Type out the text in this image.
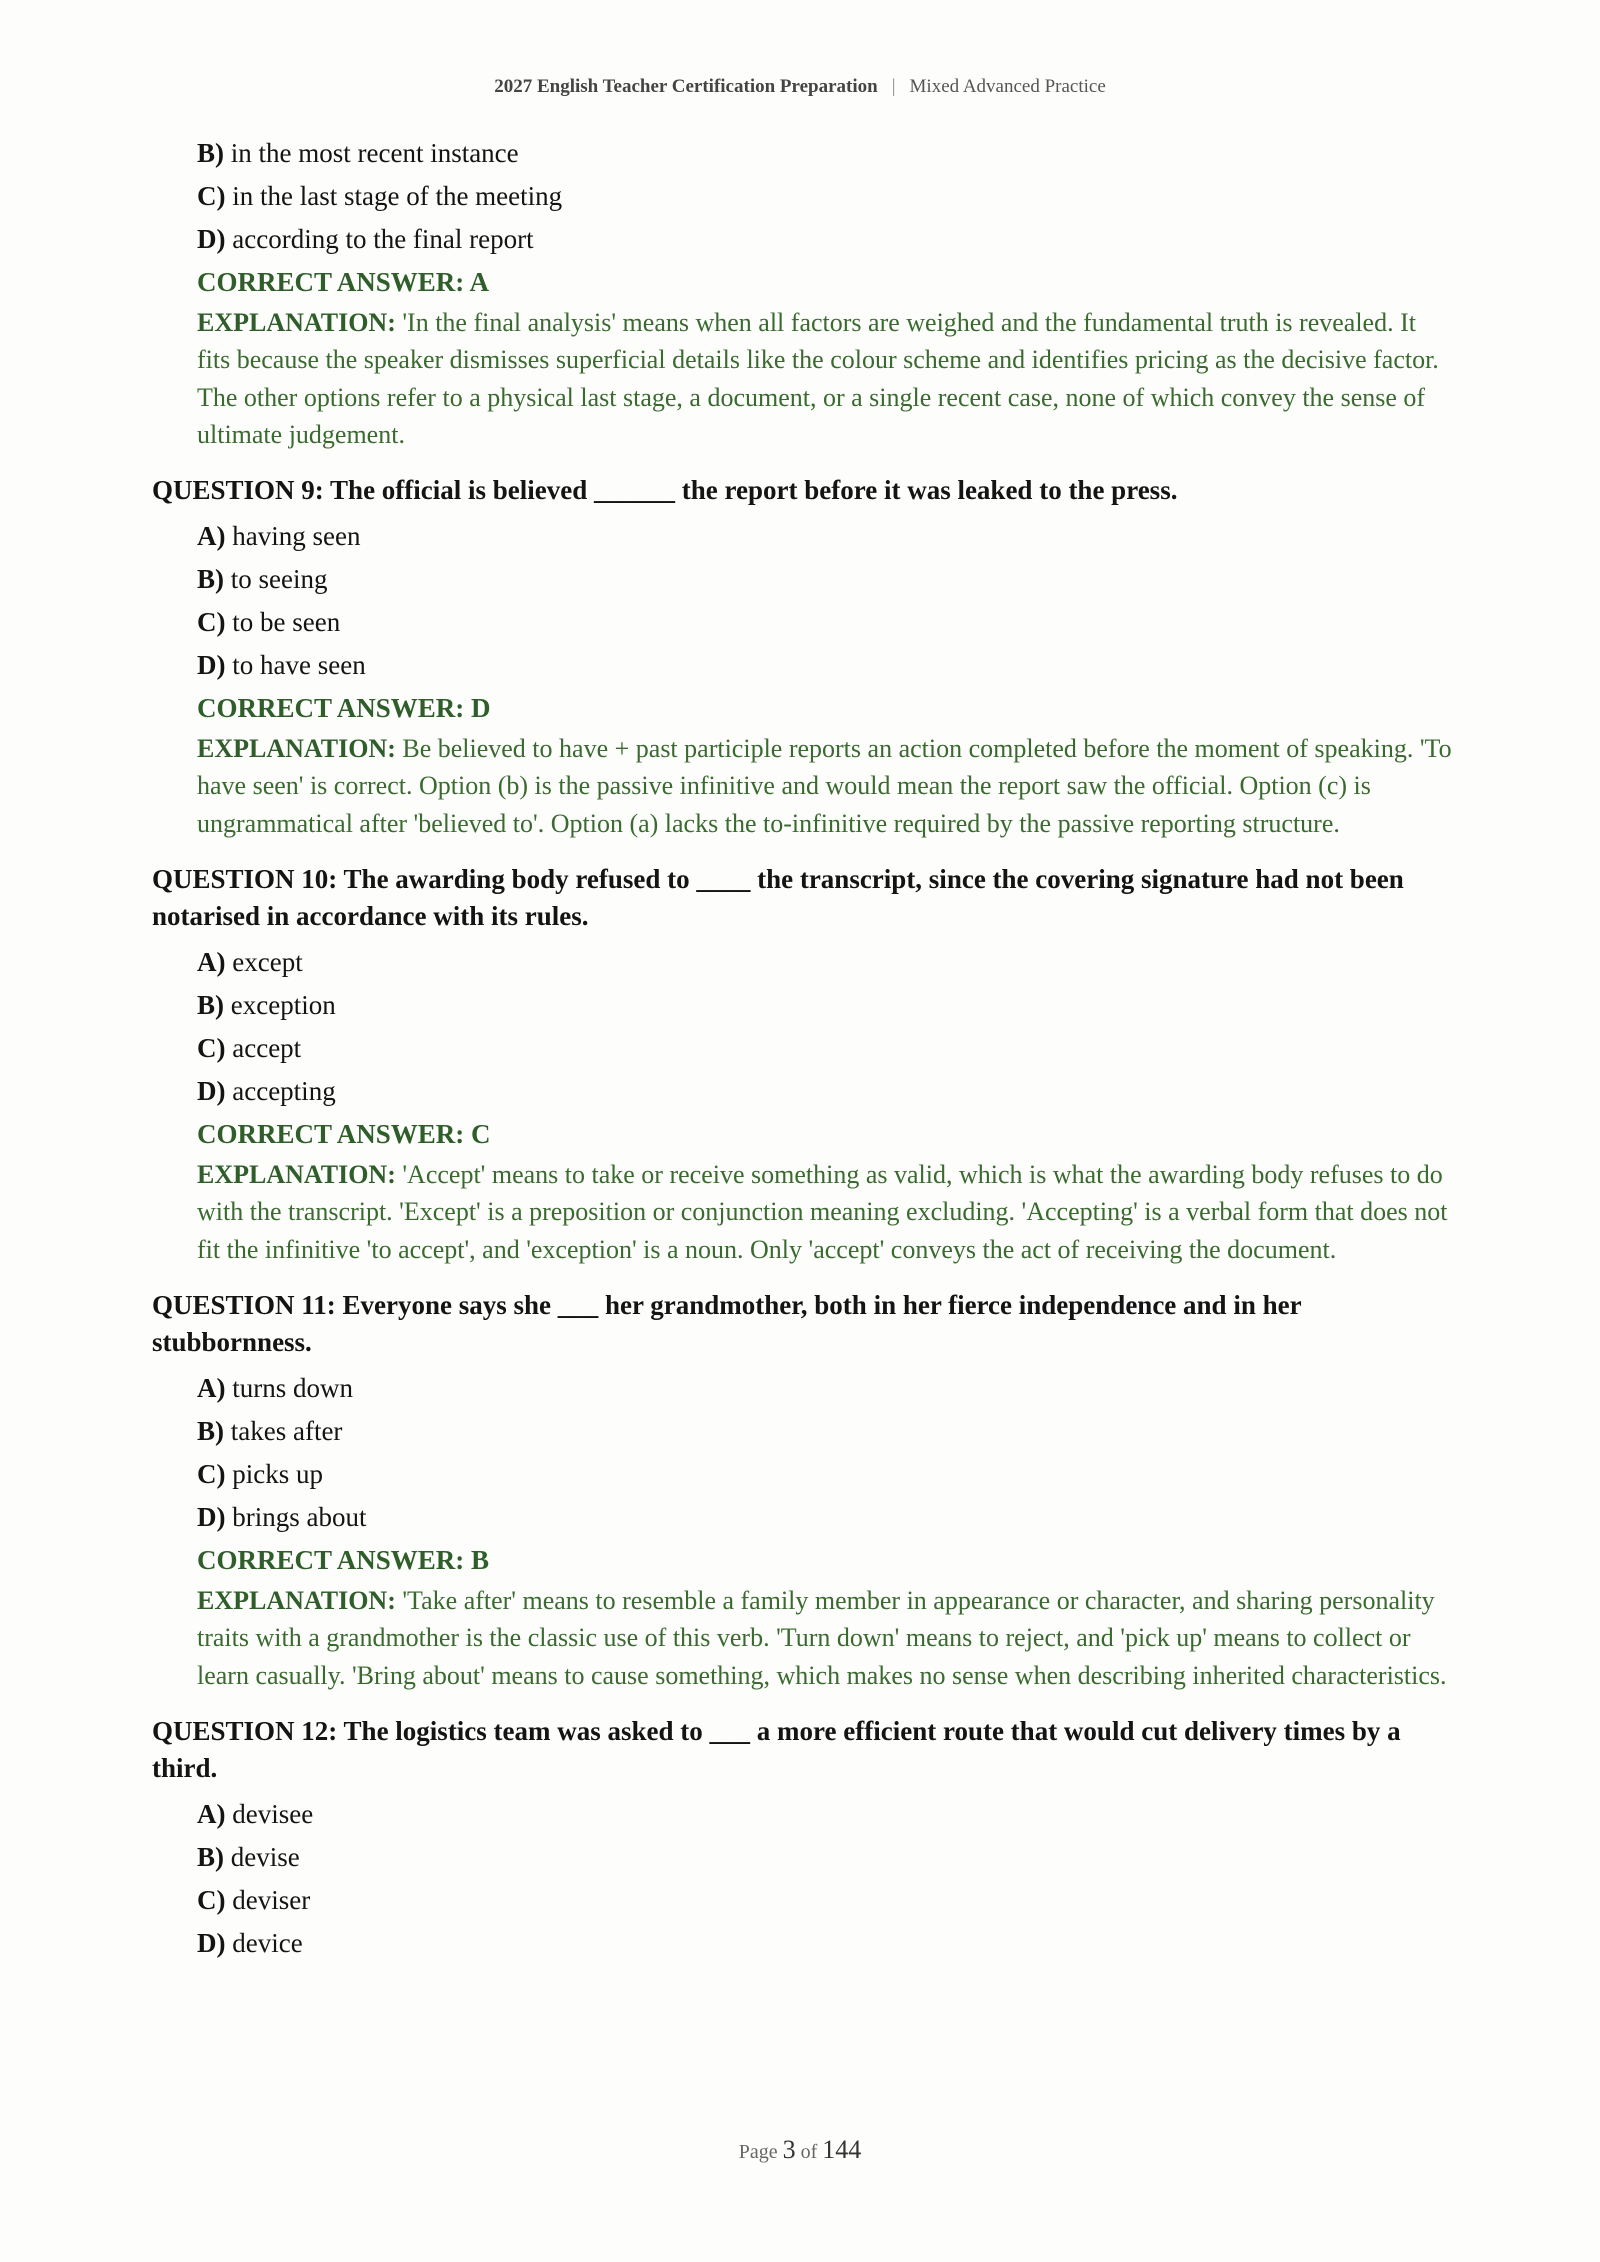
2027 English Teacher Certification Preparation | Mixed Advanced Practice
B) in the most recent instance
C) in the last stage of the meeting
D) according to the final report
CORRECT ANSWER: A

EXPLANATION: 'In the final analysis' means when all factors are weighed and the fundamental truth is revealed. It fits because the speaker dismisses superficial details like the colour scheme and identifies pricing as the decisive factor. The other options refer to a physical last stage, a document, or a single recent case, none of which convey the sense of ultimate judgement.

QUESTION 9: The official is believed ______ the report before it was leaked to the press.
A) having seen
B) to seeing
C) to be seen
D) to have seen
CORRECT ANSWER: D

EXPLANATION: Be believed to have + past participle reports an action completed before the moment of speaking. 'To have seen' is correct. Option (b) is the passive infinitive and would mean the report saw the official. Option (c) is ungrammatical after 'believed to'. Option (a) lacks the to-infinitive required by the passive reporting structure.

QUESTION 10: The awarding body refused to ____ the transcript, since the covering signature had not been notarised in accordance with its rules.
A) except
B) exception
C) accept
D) accepting
CORRECT ANSWER: C

EXPLANATION: 'Accept' means to take or receive something as valid, which is what the awarding body refuses to do with the transcript. 'Except' is a preposition or conjunction meaning excluding. 'Accepting' is a verbal form that does not fit the infinitive 'to accept', and 'exception' is a noun. Only 'accept' conveys the act of receiving the document.

QUESTION 11: Everyone says she ___ her grandmother, both in her fierce independence and in her stubbornness.
A) turns down
B) takes after
C) picks up
D) brings about
CORRECT ANSWER: B

EXPLANATION: 'Take after' means to resemble a family member in appearance or character, and sharing personality traits with a grandmother is the classic use of this verb. 'Turn down' means to reject, and 'pick up' means to collect or learn casually. 'Bring about' means to cause something, which makes no sense when describing inherited characteristics.

QUESTION 12: The logistics team was asked to ___ a more efficient route that would cut delivery times by a third.
A) devisee
B) devise
C) deviser
D) device
Page 3 of 144
